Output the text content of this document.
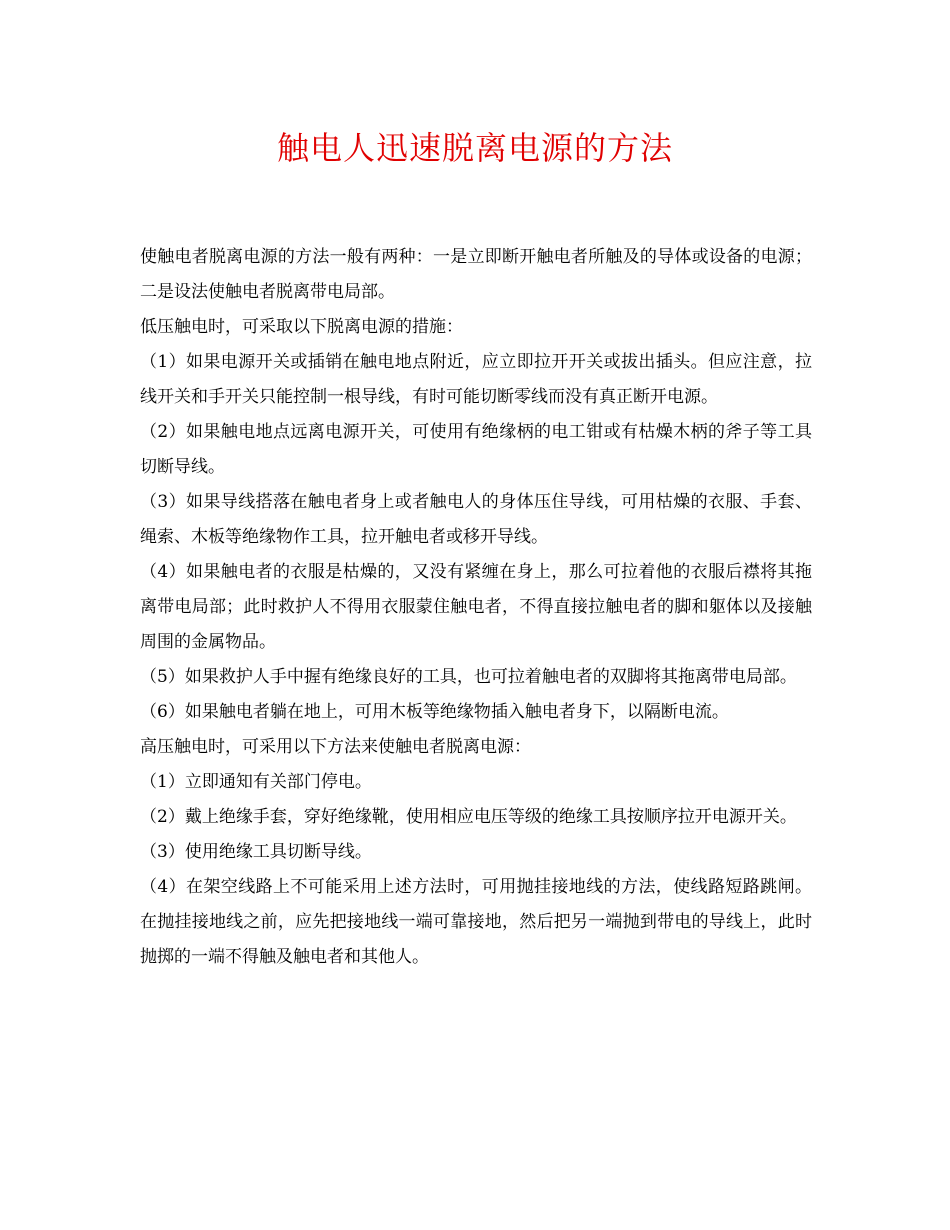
触电人迅速脱离电源的方法

使触电者脱离电源的方法一般有两种：一是立即断开触电者所触及的导体或设备的电源；二是设法使触电者脱离带电局部。

低压触电时，可采取以下脱离电源的措施：

（1）如果电源开关或插销在触电地点附近，应立即拉开开关或拔出插头。但应注意，拉线开关和手开关只能控制一根导线，有时可能切断零线而没有真正断开电源。

（2）如果触电地点远离电源开关，可使用有绝缘柄的电工钳或有枯燥木柄的斧子等工具切断导线。

（3）如果导线搭落在触电者身上或者触电人的身体压住导线，可用枯燥的衣服、手套、绳索、木板等绝缘物作工具，拉开触电者或移开导线。

（4）如果触电者的衣服是枯燥的，又没有紧缠在身上，那么可拉着他的衣服后襟将其拖离带电局部；此时救护人不得用衣服蒙住触电者，不得直接拉触电者的脚和躯体以及接触周围的金属物品。

（5）如果救护人手中握有绝缘良好的工具，也可拉着触电者的双脚将其拖离带电局部。

（6）如果触电者躺在地上，可用木板等绝缘物插入触电者身下，以隔断电流。

高压触电时，可采用以下方法来使触电者脱离电源：

（1）立即通知有关部门停电。

（2）戴上绝缘手套，穿好绝缘靴，使用相应电压等级的绝缘工具按顺序拉开电源开关。

（3）使用绝缘工具切断导线。

（4）在架空线路上不可能采用上述方法时，可用抛挂接地线的方法，使线路短路跳闸。在抛挂接地线之前，应先把接地线一端可靠接地，然后把另一端抛到带电的导线上，此时抛掷的一端不得触及触电者和其他人。
